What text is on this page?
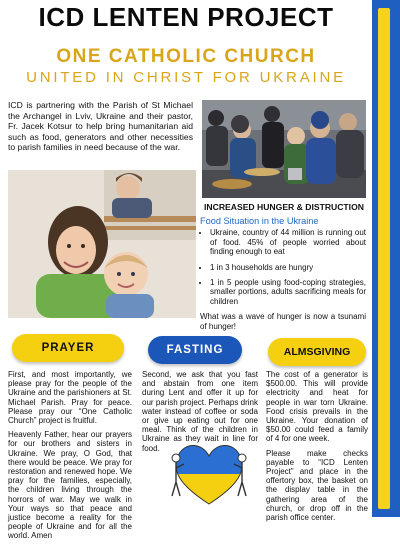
ICD LENTEN PROJECT
ONE CATHOLIC CHURCH
UNITED IN CHRIST FOR UKRAINE
ICD is partnering with the Parish of St Michael the Archangel in Lviv, Ukraine and their pastor, Fr. Jacek Kotsur to help bring humanitarian aid such as food, generators and other necessities to parish families in need because of the war.
INCREASED HUNGER & DISTRUCTION
Food Situation in the Ukraine
• Ukraine, country of 44 million is running out of food. 45% of people worried about finding enough to eat
• 1 in 3 households are hungry
• 1 in 5 people using food-coping strategies, smaller portions, adults sacrificing meals for children
What was a wave of hunger is now a tsunami of hunger!
PRAYER	FASTING	ALMSGIVING

First, and most importantly, we please pray for the people of the Ukraine and the parishioners at St. Michael Parish. Pray for peace. Please pray our “One Catholic Church” project is fruitful.

Heavenly Father, hear our prayers for our brothers and sisters in Ukraine. We pray, O God, that there would be peace. We pray for restoration and renewed hope. We pray for the families, especially, the children living through the horrors of war. May we walk in Your ways so that peace and justice become a reality for the people of Ukraine and for all the world. Amen

Second, we ask that you fast and abstain from one item during Lent and offer it up for our parish project. Perhaps drink water instead of coffee or soda or give up eating out for one meal. Think of the children in Ukraine as they wait in line for food.

The cost of a generator is $500.00. This will provide electricity and heat for people in war torn Ukraine. Food crisis prevails in the Ukraine. Your donation of $50.00 could feed a family of 4 for one week.

Please make checks payable to “ICD Lenten Project” and place in the offertory box, the basket on the display table in the gathering area of the church, or drop off in the parish office center.
